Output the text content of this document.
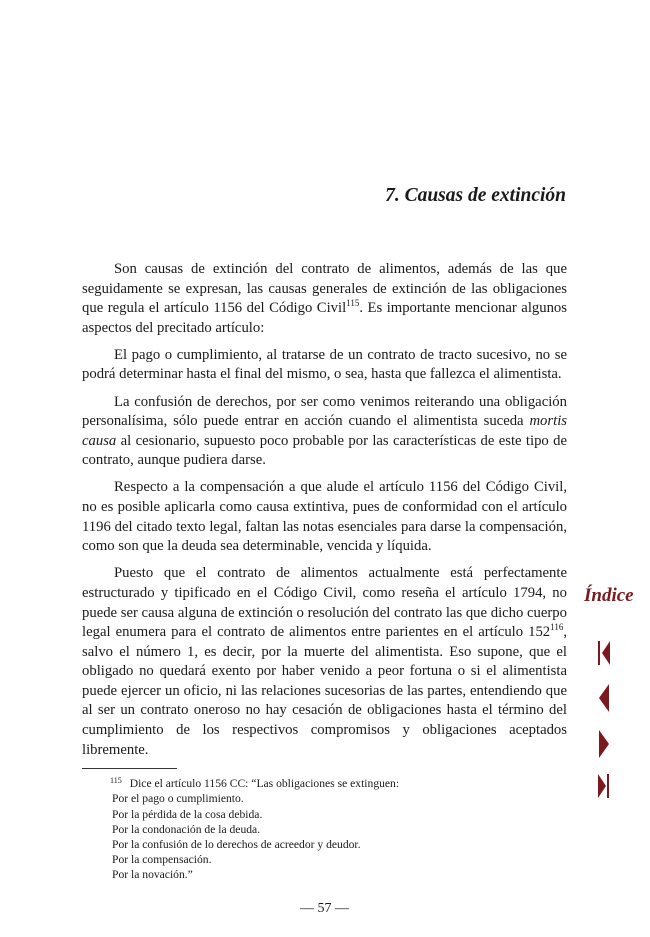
7. Causas de extinción

Son causas de extinción del contrato de alimentos, además de las que seguidamente se expresan, las causas generales de extinción de las obligaciones que regula el artículo 1156 del Código Civil$^{115}$. Es importante mencionar algunos aspectos del precitado artículo:

El pago o cumplimiento, al tratarse de un contrato de tracto sucesivo, no se podrá determinar hasta el final del mismo, o sea, hasta que fallezca el alimentista.

La confusión de derechos, por ser como venimos reiterando una obligación personalísima, sólo puede entrar en acción cuando el alimentista suceda mortis causa al cesionario, supuesto poco probable por las características de este tipo de contrato, aunque pudiera darse.

Respecto a la compensación a que alude el artículo 1156 del Código Civil, no es posible aplicarla como causa extintiva, pues de conformidad con el artículo 1196 del citado texto legal, faltan las notas esenciales para darse la compensación, como son que la deuda sea determinable, vencida y líquida.

Puesto que el contrato de alimentos actualmente está perfectamente estructurado y tipificado en el Código Civil, como reseña el artículo 1794, no puede ser causa alguna de extinción o resolución del contrato las que dicho cuerpo legal enumera para el contrato de alimentos entre parientes en el artículo $152^{116}$, salvo el número 1, es decir, por la muerte del alimentista. Eso supone, que el obligado no quedará exento por haber venido a peor fortuna o si el alimentista puede ejercer un oficio, ni las relaciones sucesorias de las partes, entendiendo que al ser un contrato oneroso no hay cesación de obligaciones hasta el término del cumplimiento de los respectivos compromisos y obligaciones aceptados libremente.

$^{115}$ Dice el artículo 1156 CC: “Las obligaciones se extinguen:
Por el pago o cumplimiento.
Por la pérdida de la cosa debida.
Por la condonación de la deuda.
Por la confusión de lo derechos de acreedor y deudor.
Por la compensación.
Por la novación.”
— 57 —
Índice
